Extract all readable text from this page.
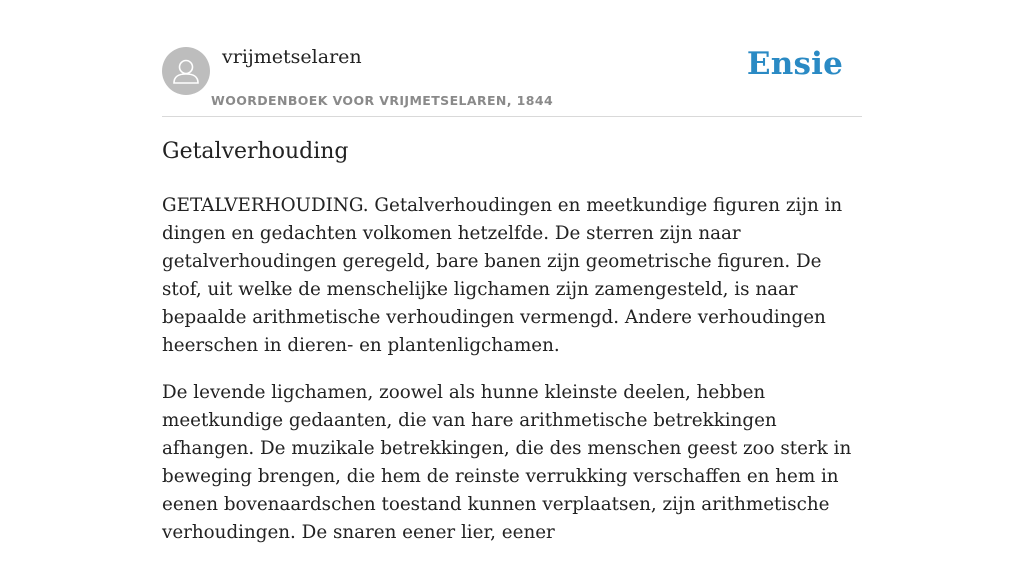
vrijmetselaren
WOORDENBOEK VOOR VRIJMETSELAREN, 1844
Ensie
Getalverhouding

GETALVERHOUDING. Getalverhoudingen en meetkundige figuren zijn in dingen en gedachten volkomen hetzelfde. De sterren zijn naar getalverhoudingen geregeld, bare banen zijn geometrische figuren. De stof, uit welke de menschelijke ligchamen zijn zamengesteld, is naar bepaalde arithmetische verhoudingen vermengd. Andere verhoudingen heerschen in dieren- en plantenligchamen.

De levende ligchamen, zoowel als hunne kleinste deelen, hebben meetkundige gedaanten, die van hare arithmetische betrekkingen afhangen. De muzikale betrekkingen, die des menschen geest zoo sterk in beweging brengen, die hem de reinste verrukking verschaffen en hem in eenen bovenaardschen toestand kunnen verplaatsen, zijn arithmetische verhoudingen. De snaren eener lier, eener
